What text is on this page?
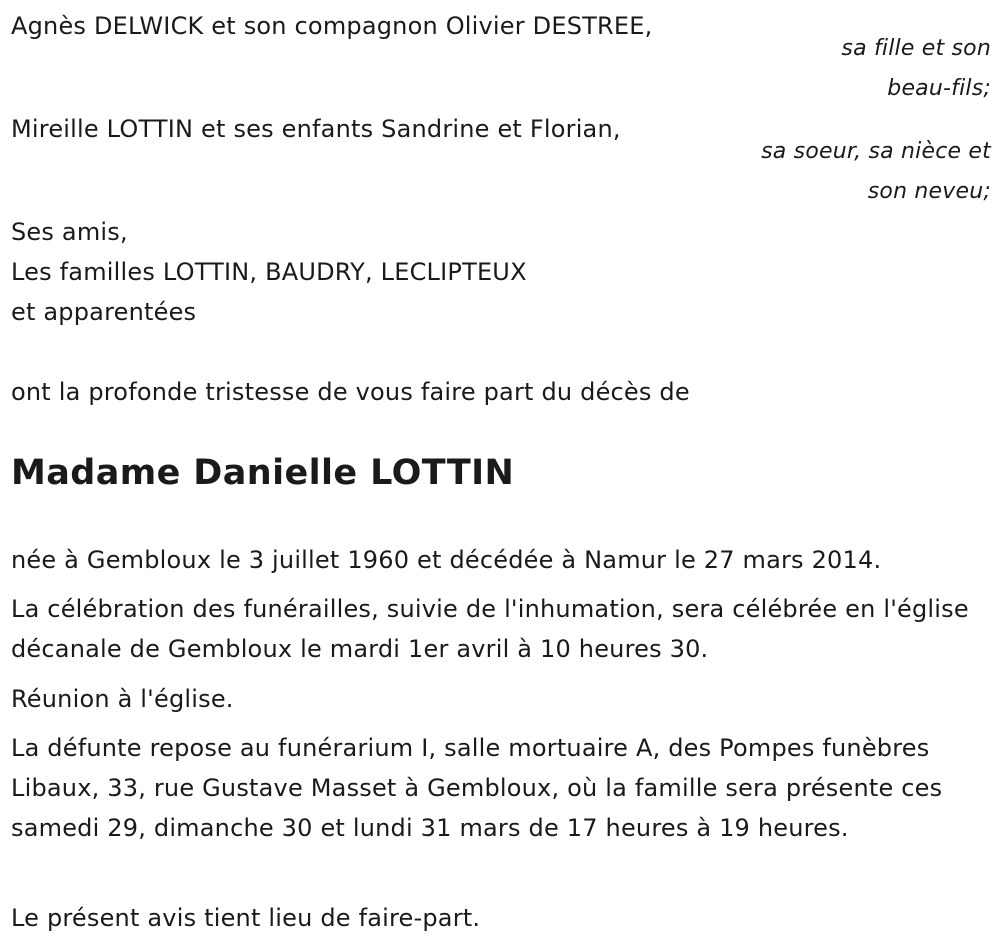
Agnès DELWICK et son compagnon Olivier DESTREE,
sa fille et son
beau-fils;
Mireille LOTTIN et ses enfants Sandrine et Florian,
sa soeur, sa nièce et
son neveu;
Ses amis,
Les familles LOTTIN, BAUDRY, LECLIPTEUX
et apparentées
ont la profonde tristesse de vous faire part du décès de
Madame Danielle LOTTIN
née à Gembloux le 3 juillet 1960 et décédée à Namur le 27 mars 2014.
La célébration des funérailles, suivie de l'inhumation, sera célébrée en l'église décanale de Gembloux le mardi 1er avril à 10 heures 30.
Réunion à l'église.
La défunte repose au funérarium I, salle mortuaire A, des Pompes funèbres Libaux, 33, rue Gustave Masset à Gembloux, où la famille sera présente ces samedi 29, dimanche 30 et lundi 31 mars de 17 heures à 19 heures.
Le présent avis tient lieu de faire-part.
